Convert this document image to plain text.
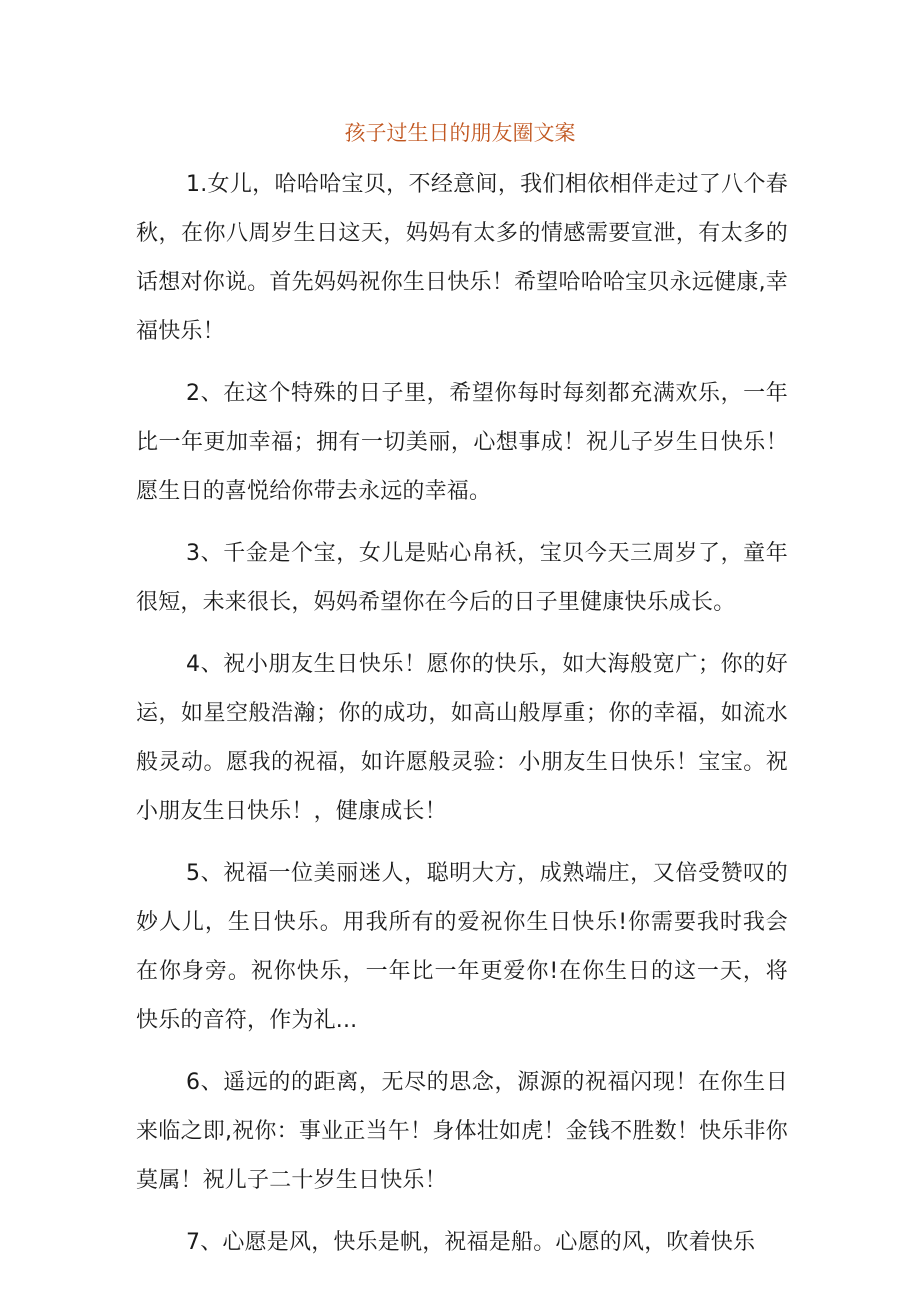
孩子过生日的朋友圈文案

1.女儿，哈哈哈宝贝，不经意间，我们相依相伴走过了八个春秋，在你八周岁生日这天，妈妈有太多的情感需要宣泄，有太多的话想对你说。首先妈妈祝你生日快乐！希望哈哈哈宝贝永远健康,幸福快乐！

2、在这个特殊的日子里，希望你每时每刻都充满欢乐，一年比一年更加幸福；拥有一切美丽，心想事成！祝儿子岁生日快乐！愿生日的喜悦给你带去永远的幸福。

3、千金是个宝，女儿是贴心帛袄，宝贝今天三周岁了，童年很短，未来很长，妈妈希望你在今后的日子里健康快乐成长。

4、祝小朋友生日快乐！愿你的快乐，如大海般宽广；你的好运，如星空般浩瀚；你的成功，如高山般厚重；你的幸福，如流水般灵动。愿我的祝福，如许愿般灵验：小朋友生日快乐！宝宝。祝小朋友生日快乐！，健康成长！

5、祝福一位美丽迷人，聪明大方，成熟端庄，又倍受赞叹的妙人儿，生日快乐。用我所有的爱祝你生日快乐!你需要我时我会在你身旁。祝你快乐，一年比一年更爱你!在你生日的这一天，将快乐的音符，作为礼...

6、遥远的的距离，无尽的思念，源源的祝福闪现！在你生日来临之即,祝你：事业正当午！身体壮如虎！金钱不胜数！快乐非你莫属！祝儿子二十岁生日快乐！

7、心愿是风，快乐是帆，祝福是船。心愿的风，吹着快乐
